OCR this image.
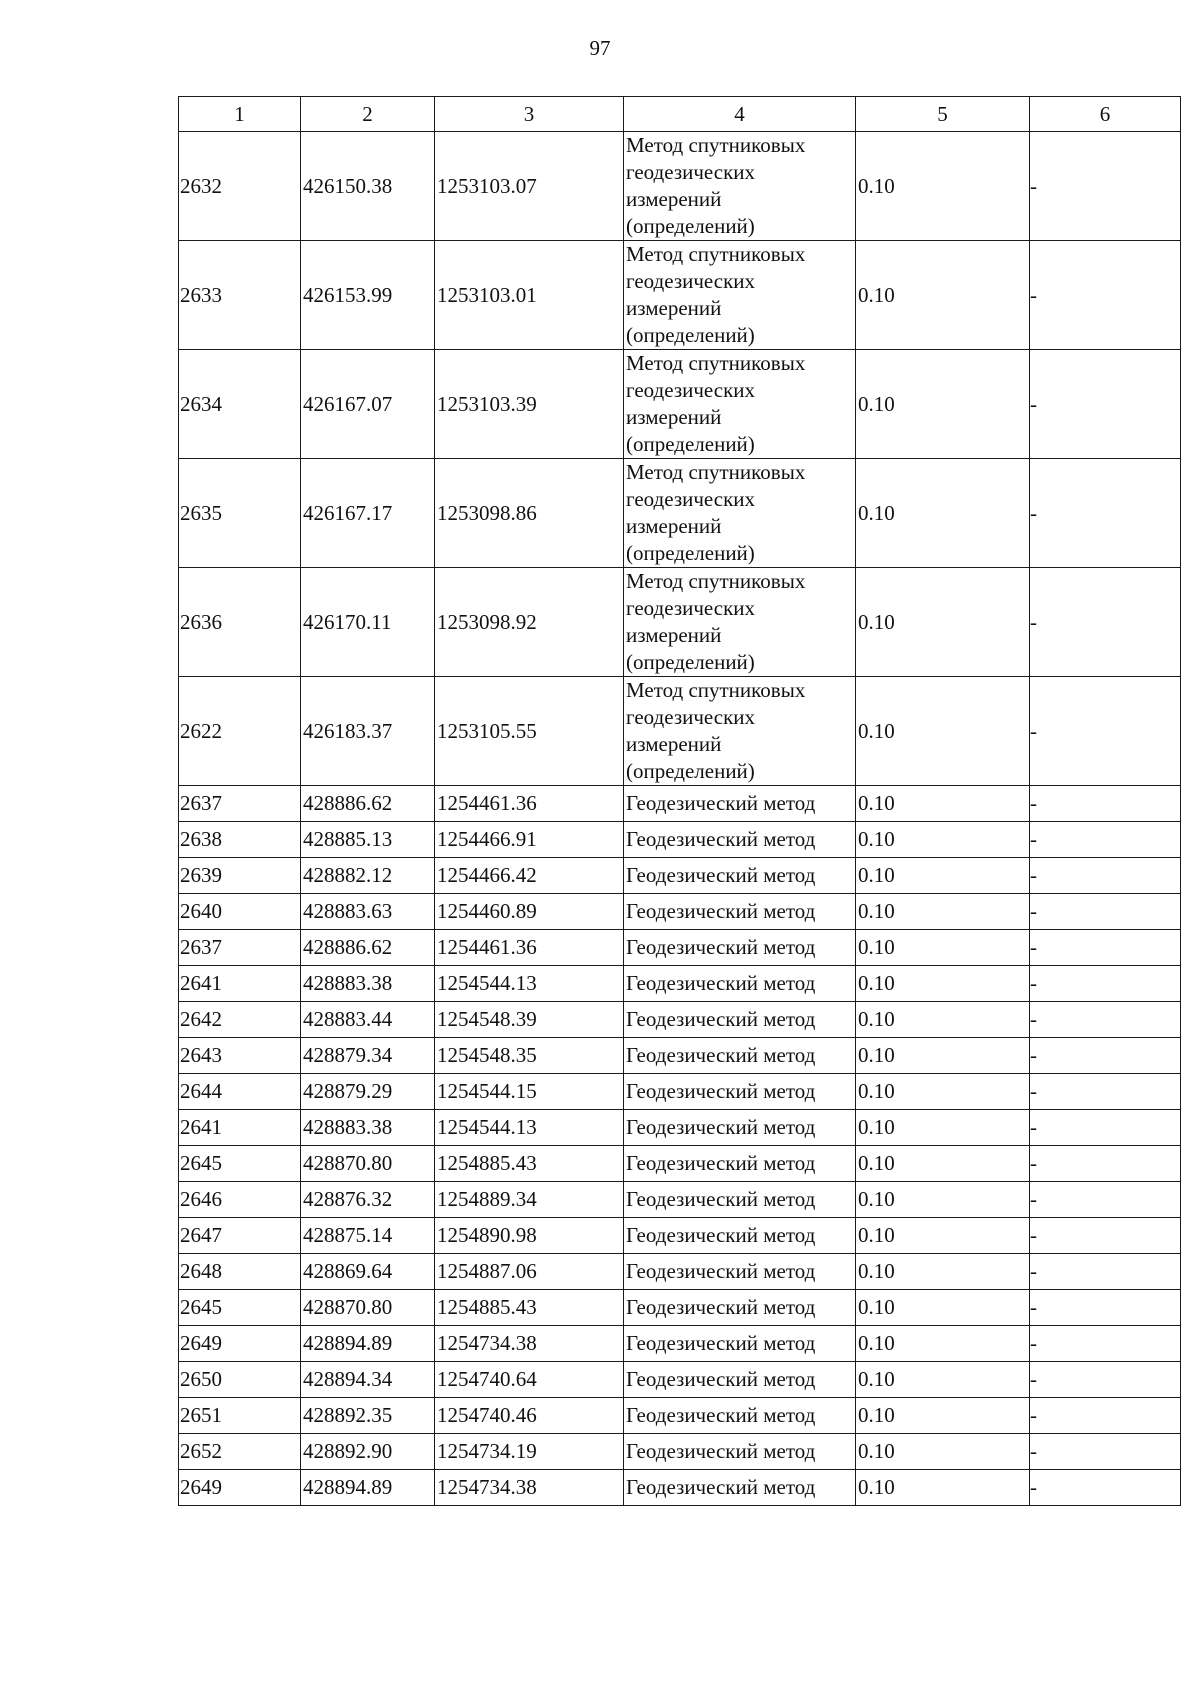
97
1	2	3	4	5	6
2632	426150.38	1253103.07	Метод спутниковых геодезических измерений (определений)	0.10	-
2633	426153.99	1253103.01	Метод спутниковых геодезических измерений (определений)	0.10	-
2634	426167.07	1253103.39	Метод спутниковых геодезических измерений (определений)	0.10	-
2635	426167.17	1253098.86	Метод спутниковых геодезических измерений (определений)	0.10	-
2636	426170.11	1253098.92	Метод спутниковых геодезических измерений (определений)	0.10	-
2622	426183.37	1253105.55	Метод спутниковых геодезических измерений (определений)	0.10	-
2637	428886.62	1254461.36	Геодезический метод	0.10	-
2638	428885.13	1254466.91	Геодезический метод	0.10	-
2639	428882.12	1254466.42	Геодезический метод	0.10	-
2640	428883.63	1254460.89	Геодезический метод	0.10	-
2637	428886.62	1254461.36	Геодезический метод	0.10	-
2641	428883.38	1254544.13	Геодезический метод	0.10	-
2642	428883.44	1254548.39	Геодезический метод	0.10	-
2643	428879.34	1254548.35	Геодезический метод	0.10	-
2644	428879.29	1254544.15	Геодезический метод	0.10	-
2641	428883.38	1254544.13	Геодезический метод	0.10	-
2645	428870.80	1254885.43	Геодезический метод	0.10	-
2646	428876.32	1254889.34	Геодезический метод	0.10	-
2647	428875.14	1254890.98	Геодезический метод	0.10	-
2648	428869.64	1254887.06	Геодезический метод	0.10	-
2645	428870.80	1254885.43	Геодезический метод	0.10	-
2649	428894.89	1254734.38	Геодезический метод	0.10	-
2650	428894.34	1254740.64	Геодезический метод	0.10	-
2651	428892.35	1254740.46	Геодезический метод	0.10	-
2652	428892.90	1254734.19	Геодезический метод	0.10	-
2649	428894.89	1254734.38	Геодезический метод	0.10	-
